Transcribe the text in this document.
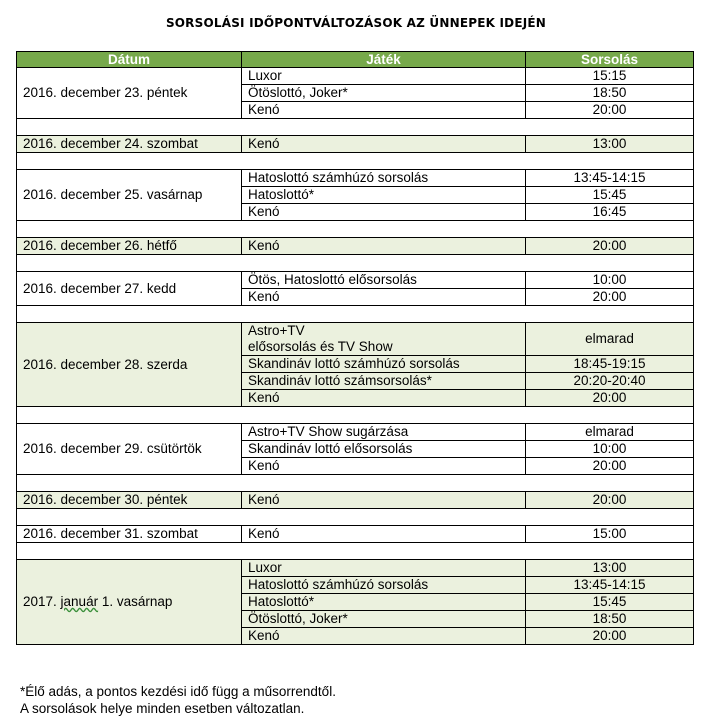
SORSOLÁSI IDŐPONTVÁLTOZÁSOK AZ ÜNNEPEK IDEJÉN
Dátum	Játék	Sorsolás
2016. december 23. péntek	Luxor	15:15
	Ötöslottó, Joker*	18:50
	Kenó	20:00

2016. december 24. szombat	Kenó	13:00

2016. december 25. vasárnap	Hatoslottó számhúzó sorsolás	13:45-14:15
	Hatoslottó*	15:45
	Kenó	16:45

2016. december 26. hétfő	Kenó	20:00

2016. december 27. kedd	Ötös, Hatoslottó elősorsolás	10:00
	Kenó	20:00

2016. december 28. szerda	Astro+TV
elősorsolás és TV Show	elmarad
	Skandináv lottó számhúzó sorsolás	18:45-19:15
	Skandináv lottó számsorsolás*	20:20-20:40
	Kenó	20:00

2016. december 29. csütörtök	Astro+TV Show sugárzása	elmarad
	Skandináv lottó elősorsolás	10:00
	Kenó	20:00

2016. december 30. péntek	Kenó	20:00

2016. december 31. szombat	Kenó	15:00

2017. január 1. vasárnap	Luxor	13:00
	Hatoslottó számhúzó sorsolás	13:45-14:15
	Hatoslottó*	15:45
	Ötöslottó, Joker*	18:50
	Kenó	20:00
*Élő adás, a pontos kezdési idő függ a műsorrendtől.
A sorsolások helye minden esetben változatlan.
